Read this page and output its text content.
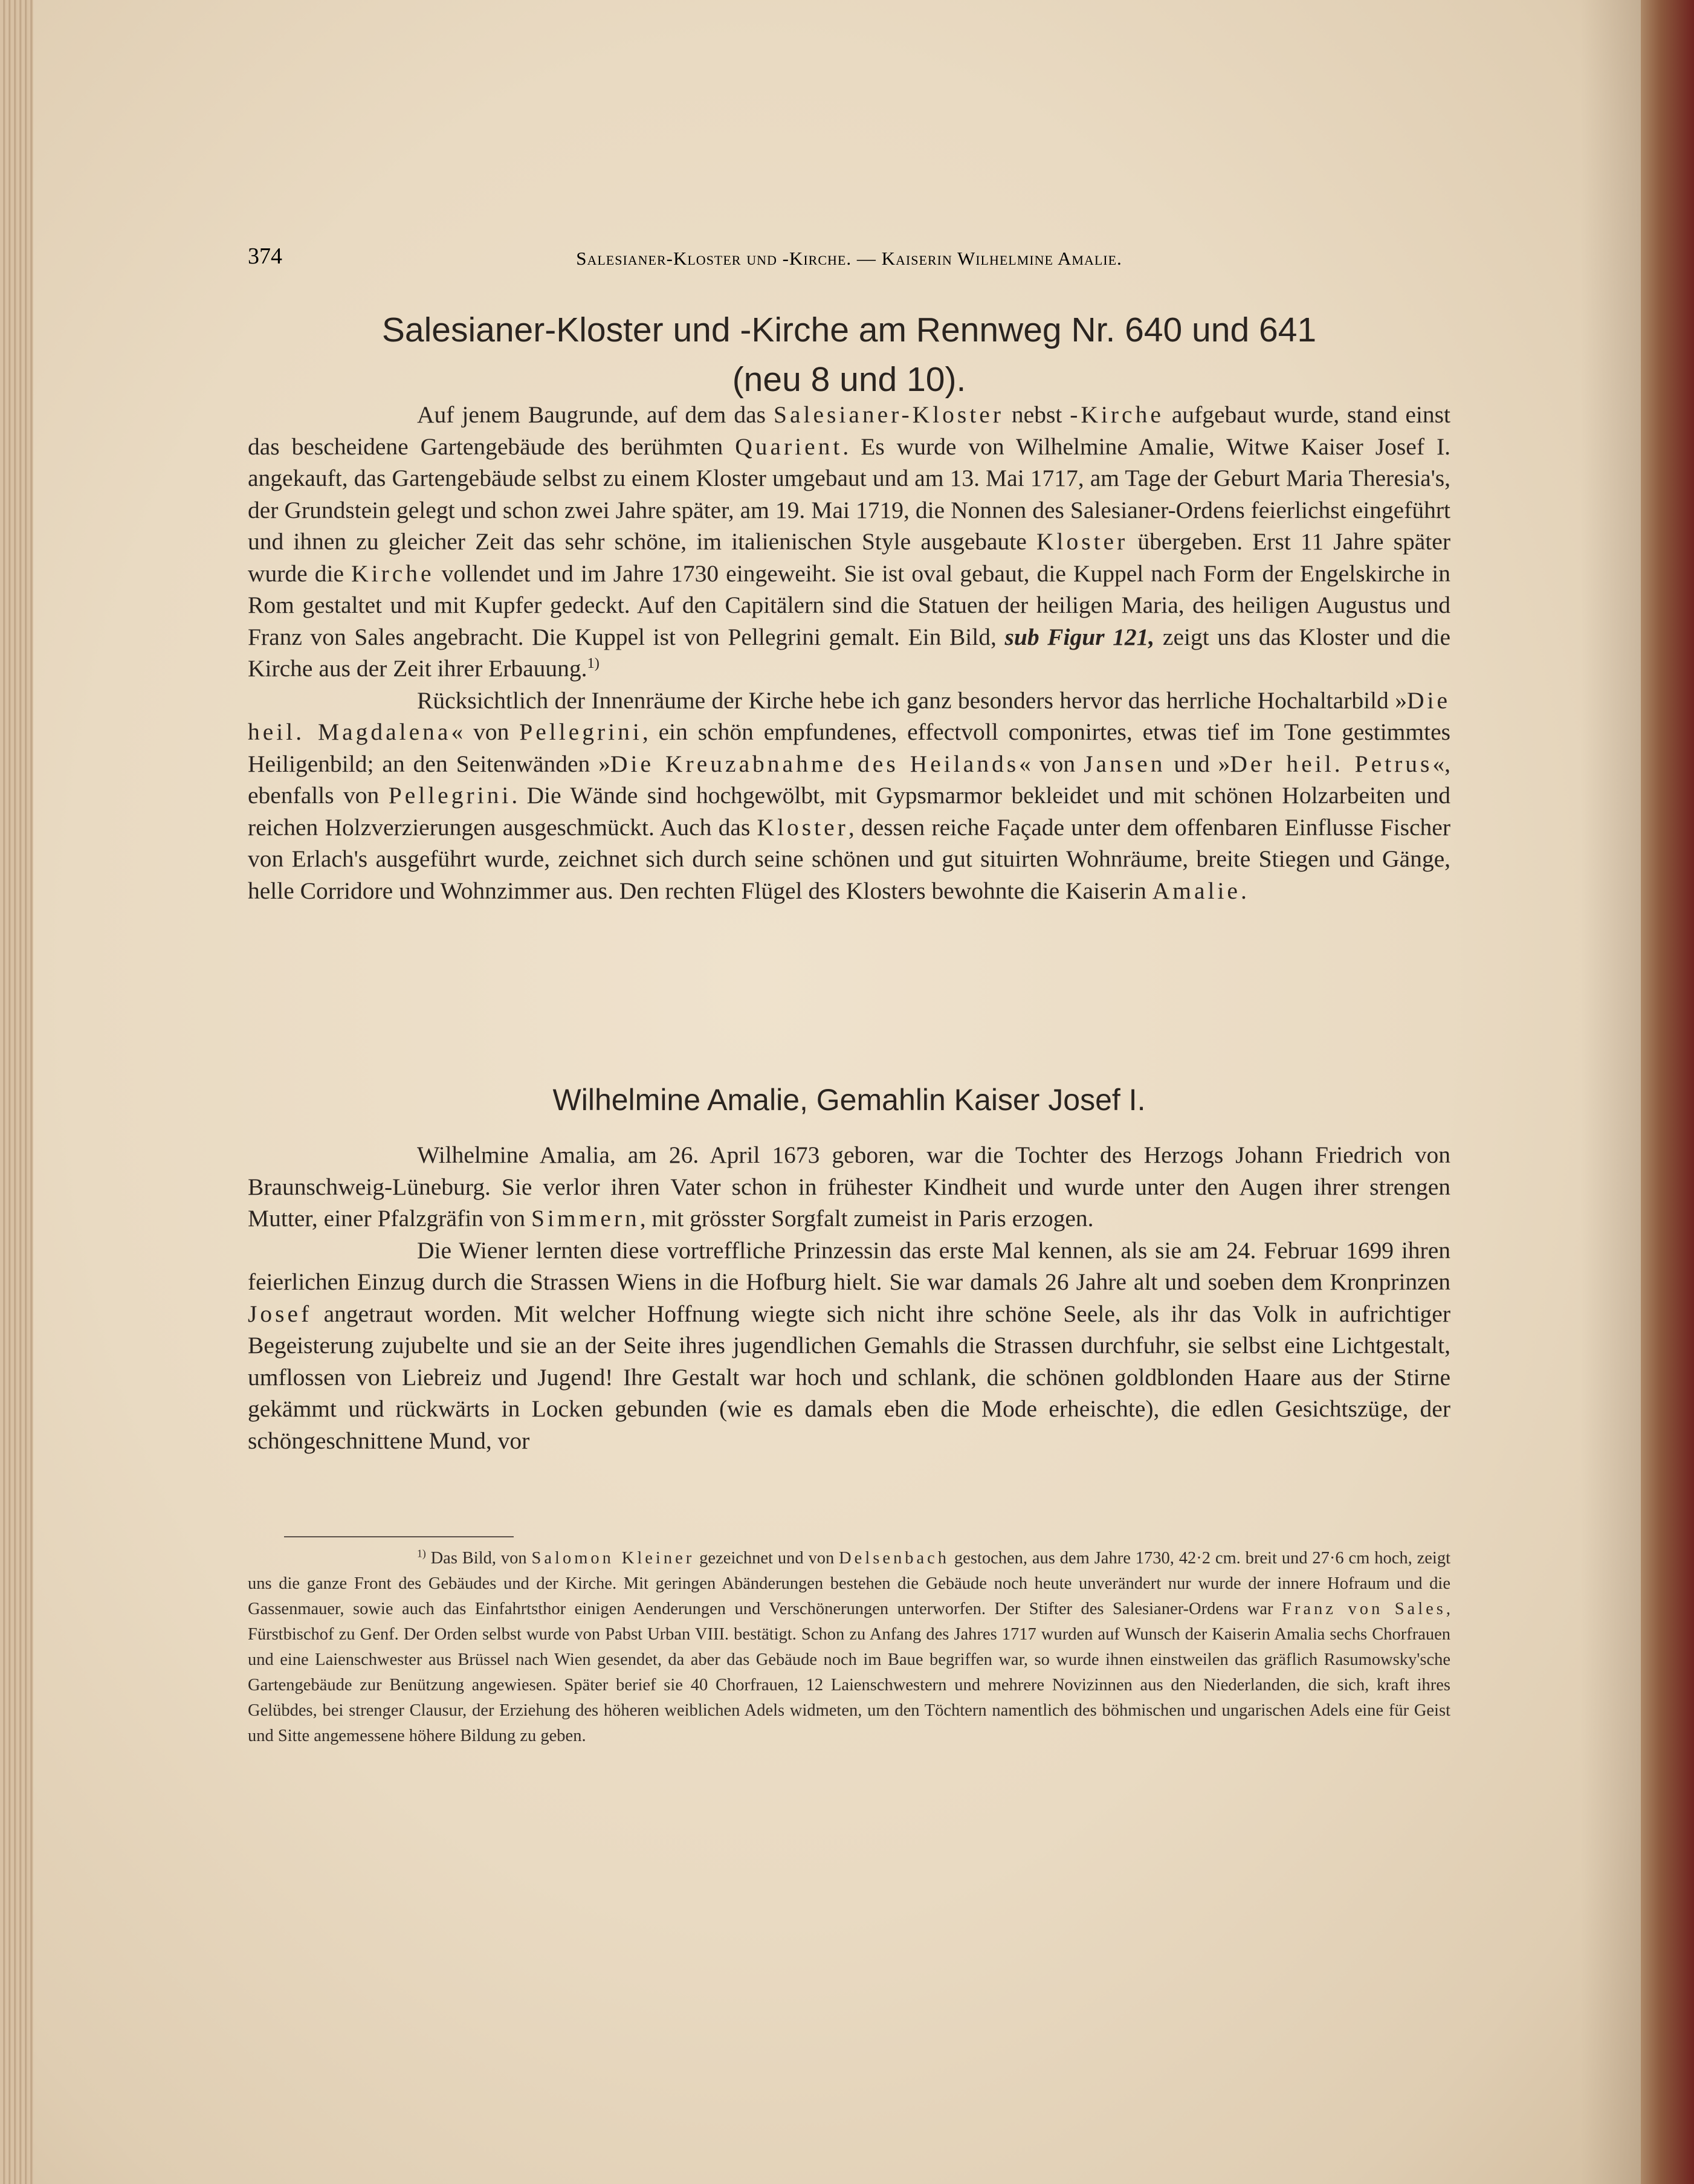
374	Salesianer-Kloster und -Kirche. — Kaiserin Wilhelmine Amalie.
Salesianer-Kloster und -Kirche am Rennweg Nr. 640 und 641
(neu 8 und 10).

Auf jenem Baugrunde, auf dem das Salesianer-Kloster nebst -Kirche aufgebaut wurde, stand einst das bescheidene Gartengebäude des berühmten Quarient. Es wurde von Wilhelmine Amalie, Witwe Kaiser Josef I. angekauft, das Gartengebäude selbst zu einem Kloster umgebaut und am 13. Mai 1717, am Tage der Geburt Maria Theresia's, der Grundstein gelegt und schon zwei Jahre später, am 19. Mai 1719, die Nonnen des Salesianer-Ordens feierlichst eingeführt und ihnen zu gleicher Zeit das sehr schöne, im italienischen Style ausgebaute Kloster übergeben. Erst 11 Jahre später wurde die Kirche vollendet und im Jahre 1730 eingeweiht. Sie ist oval gebaut, die Kuppel nach Form der Engelskirche in Rom gestaltet und mit Kupfer gedeckt. Auf den Capitälern sind die Statuen der heiligen Maria, des heiligen Augustus und Franz von Sales angebracht. Die Kuppel ist von Pellegrini gemalt. Ein Bild, sub Figur 121, zeigt uns das Kloster und die Kirche aus der Zeit ihrer Erbauung.$^{1)}$

Rücksichtlich der Innenräume der Kirche hebe ich ganz besonders hervor das herrliche Hochaltarbild »Die heil. Magdalena« von Pellegrini, ein schön empfundenes, effectvoll componirtes, etwas tief im Tone gestimmtes Heiligenbild; an den Seitenwänden »Die Kreuzabnahme des Heilands« von Jansen und »Der heil. Petrus«, ebenfalls von Pellegrini. Die Wände sind hochgewölbt, mit Gypsmarmor bekleidet und mit schönen Holzarbeiten und reichen Holzverzierungen ausgeschmückt. Auch das Kloster, dessen reiche Façade unter dem offenbaren Einflusse Fischer von Erlach's ausgeführt wurde, zeichnet sich durch seine schönen und gut situirten Wohnräume, breite Stiegen und Gänge, helle Corridore und Wohnzimmer aus. Den rechten Flügel des Klosters bewohnte die Kaiserin Amalie.

Wilhelmine Amalie, Gemahlin Kaiser Josef I.

Wilhelmine Amalia, am 26. April 1673 geboren, war die Tochter des Herzogs Johann Friedrich von Braunschweig-Lüneburg. Sie verlor ihren Vater schon in frühester Kindheit und wurde unter den Augen ihrer strengen Mutter, einer Pfalzgräfin von Simmern, mit grösster Sorgfalt zumeist in Paris erzogen.

Die Wiener lernten diese vortreffliche Prinzessin das erste Mal kennen, als sie am 24. Februar 1699 ihren feierlichen Einzug durch die Strassen Wiens in die Hofburg hielt. Sie war damals 26 Jahre alt und soeben dem Kronprinzen Josef angetraut worden. Mit welcher Hoffnung wiegte sich nicht ihre schöne Seele, als ihr das Volk in aufrichtiger Begeisterung zujubelte und sie an der Seite ihres jugendlichen Gemahls die Strassen durchfuhr, sie selbst eine Lichtgestalt, umflossen von Liebreiz und Jugend! Ihre Gestalt war hoch und schlank, die schönen goldblonden Haare aus der Stirne gekämmt und rückwärts in Locken gebunden (wie es damals eben die Mode erheischte), die edlen Gesichtszüge, der schöngeschnittene Mund, vor

$^{1)}$ Das Bild, von Salomon Kleiner gezeichnet und von Delsenbach gestochen, aus dem Jahre 1730, 42·2 cm. breit und 27·6 cm hoch, zeigt uns die ganze Front des Gebäudes und der Kirche. Mit geringen Abänderungen bestehen die Gebäude noch heute unverändert nur wurde der innere Hofraum und die Gassenmauer, sowie auch das Einfahrtsthor einigen Aenderungen und Verschönerungen unterworfen. Der Stifter des Salesianer-Ordens war Franz von Sales, Fürstbischof zu Genf. Der Orden selbst wurde von Pabst Urban VIII. bestätigt. Schon zu Anfang des Jahres 1717 wurden auf Wunsch der Kaiserin Amalia sechs Chorfrauen und eine Laienschwester aus Brüssel nach Wien gesendet, da aber das Gebäude noch im Baue begriffen war, so wurde ihnen einstweilen das gräflich Rasumowsky'sche Gartengebäude zur Benützung angewiesen. Später berief sie 40 Chorfrauen, 12 Laienschwestern und mehrere Novizinnen aus den Niederlanden, die sich, kraft ihres Gelübdes, bei strenger Clausur, der Erziehung des höheren weiblichen Adels widmeten, um den Töchtern namentlich des böhmischen und ungarischen Adels eine für Geist und Sitte angemessene höhere Bildung zu geben.
